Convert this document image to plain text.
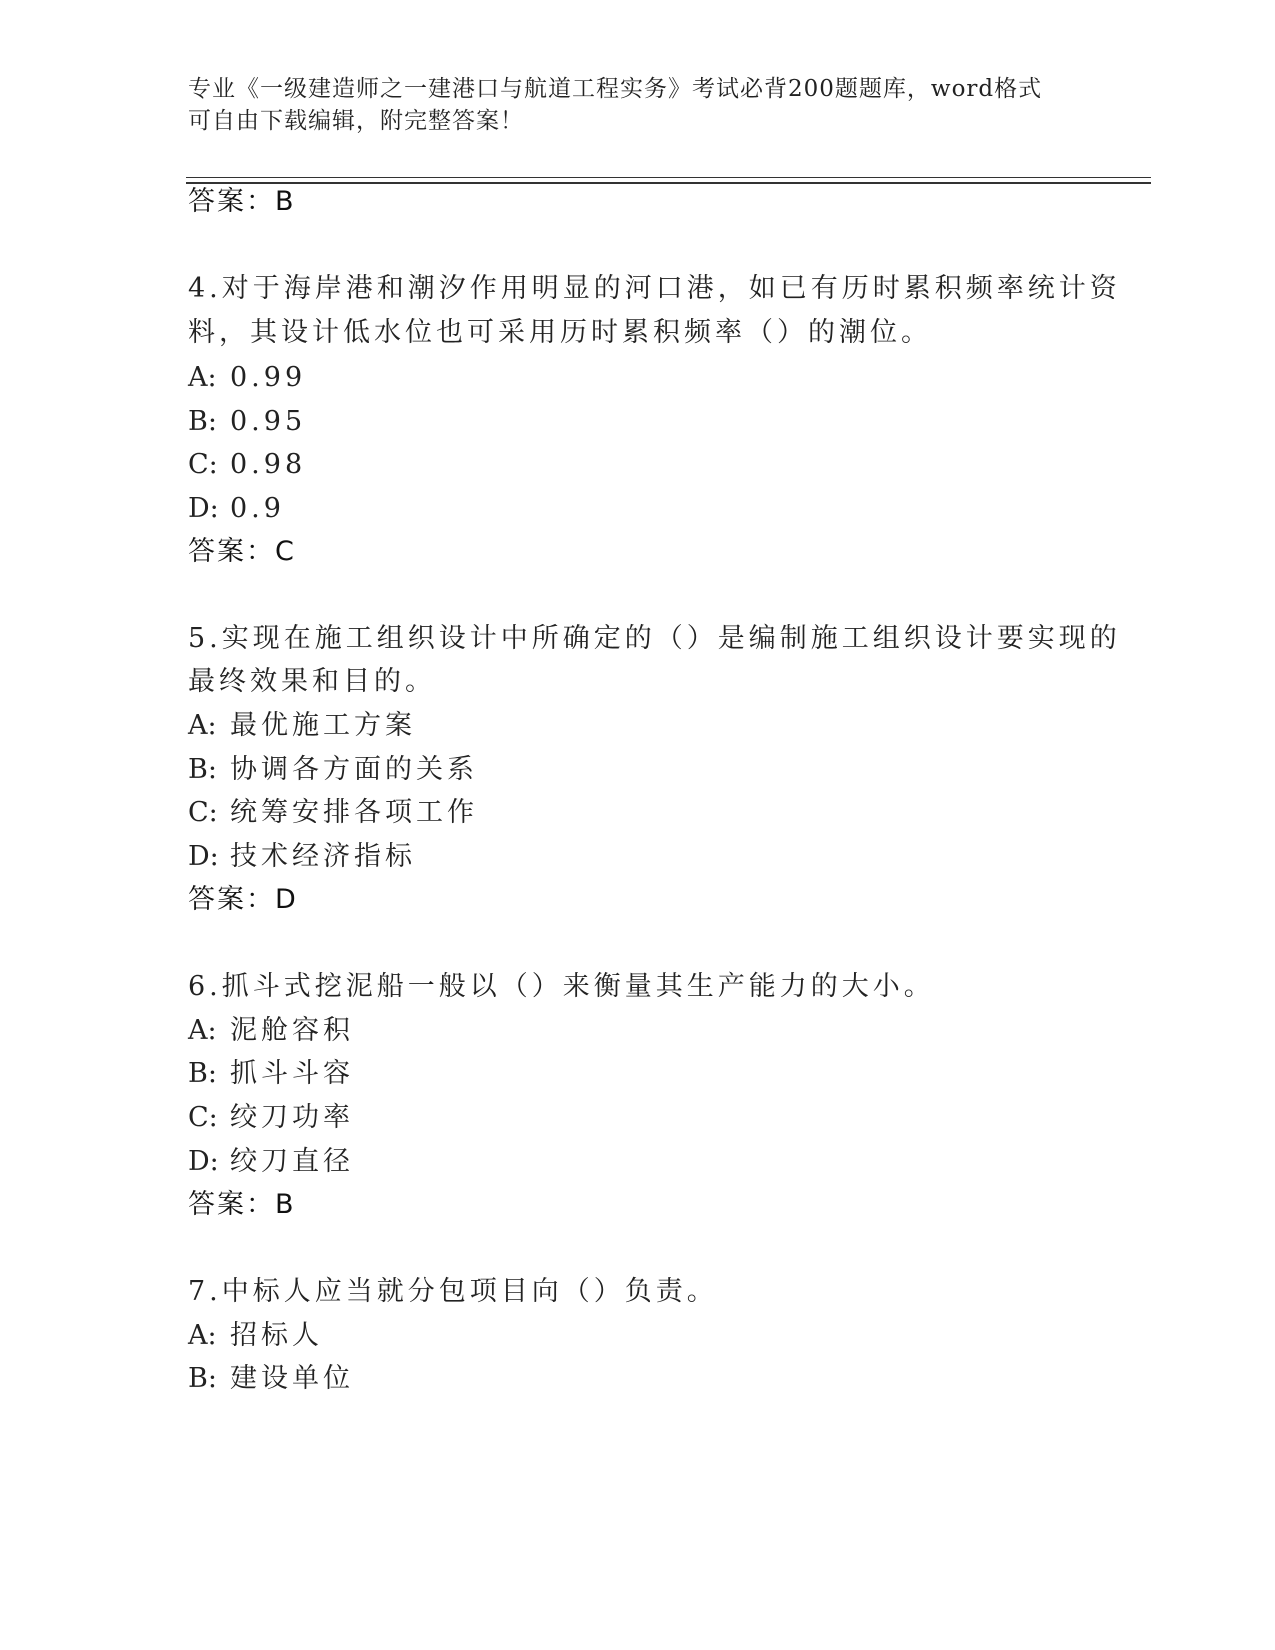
专业《一级建造师之一建港口与航道工程实务》考试必背200题题库，word格式
可自由下载编辑，附完整答案！
答案：B
4.对于海岸港和潮汐作用明显的河口港，如已有历时累积频率统计资
料，其设计低水位也可采用历时累积频率（）的潮位。
A: 0.99
B: 0.95
C: 0.98
D: 0.9
答案：C
5.实现在施工组织设计中所确定的（）是编制施工组织设计要实现的
最终效果和目的。
A: 最优施工方案
B: 协调各方面的关系
C: 统筹安排各项工作
D: 技术经济指标
答案：D
6.抓斗式挖泥船一般以（）来衡量其生产能力的大小。
A: 泥舱容积
B: 抓斗斗容
C: 绞刀功率
D: 绞刀直径
答案：B
7.中标人应当就分包项目向（）负责。
A: 招标人
B: 建设单位
